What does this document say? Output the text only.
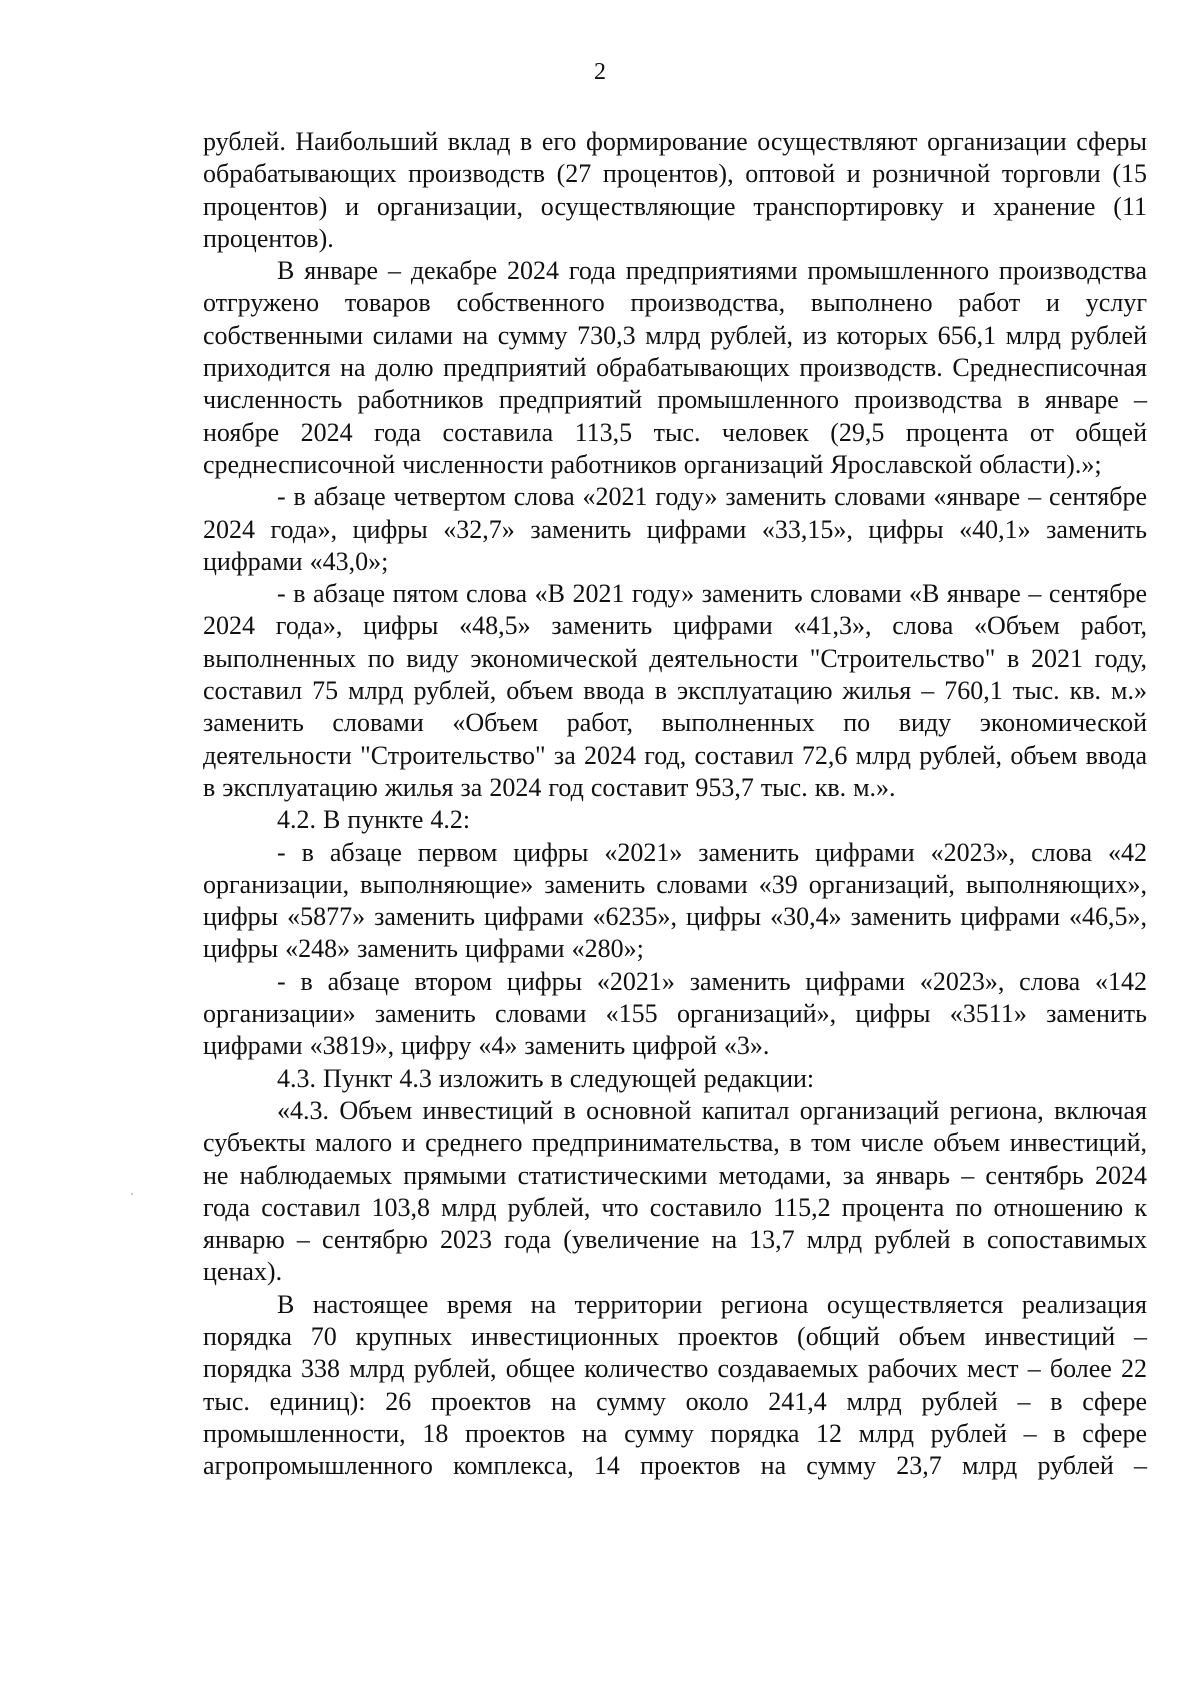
2

рублей. Наибольший вклад в его формирование осуществляют организации сферы обрабатывающих производств (27 процентов), оптовой и розничной торговли (15 процентов) и организации, осуществляющие транспортировку и хранение (11 процентов).

В январе – декабре 2024 года предприятиями промышленного производства отгружено товаров собственного производства, выполнено работ и услуг собственными силами на сумму 730,3 млрд рублей, из которых 656,1 млрд рублей приходится на долю предприятий обрабатывающих производств. Среднесписочная численность работников предприятий промышленного производства в январе – ноябре 2024 года составила 113,5 тыс. человек (29,5 процента от общей среднесписочной численности работников организаций Ярославской области).»;

- в абзаце четвертом слова «2021 году» заменить словами «январе – сентябре 2024 года», цифры «32,7» заменить цифрами «33,15», цифры «40,1» заменить цифрами «43,0»;

- в абзаце пятом слова «В 2021 году» заменить словами «В январе – сентябре 2024 года», цифры «48,5» заменить цифрами «41,3», слова «Объем работ, выполненных по виду экономической деятельности "Строительство" в 2021 году, составил 75 млрд рублей, объем ввода в эксплуатацию жилья – 760,1 тыс. кв. м.» заменить словами «Объем работ, выполненных по виду экономической деятельности "Строительство" за 2024 год, составил 72,6 млрд рублей, объем ввода в эксплуатацию жилья за 2024 год составит 953,7 тыс. кв. м.».

4.2. В пункте 4.2:

- в абзаце первом цифры «2021» заменить цифрами «2023», слова «42 организации, выполняющие» заменить словами «39 организаций, выполняющих», цифры «5877» заменить цифрами «6235», цифры «30,4» заменить цифрами «46,5», цифры «248» заменить цифрами «280»;

- в абзаце втором цифры «2021» заменить цифрами «2023», слова «142 организации» заменить словами «155 организаций», цифры «3511» заменить цифрами «3819», цифру «4» заменить цифрой «3».

4.3. Пункт 4.3 изложить в следующей редакции:

«4.3. Объем инвестиций в основной капитал организаций региона, включая субъекты малого и среднего предпринимательства, в том числе объем инвестиций, не наблюдаемых прямыми статистическими методами, за январь – сентябрь 2024 года составил 103,8 млрд рублей, что составило 115,2 процента по отношению к январю – сентябрю 2023 года (увеличение на 13,7 млрд рублей в сопоставимых ценах).

В настоящее время на территории региона осуществляется реализация порядка 70 крупных инвестиционных проектов (общий объем инвестиций – порядка 338 млрд рублей, общее количество создаваемых рабочих мест – более 22 тыс. единиц): 26 проектов на сумму около 241,4 млрд рублей – в сфере промышленности, 18 проектов на сумму порядка 12 млрд рублей – в сфере агропромышленного комплекса, 14 проектов на сумму 23,7 млрд рублей –
